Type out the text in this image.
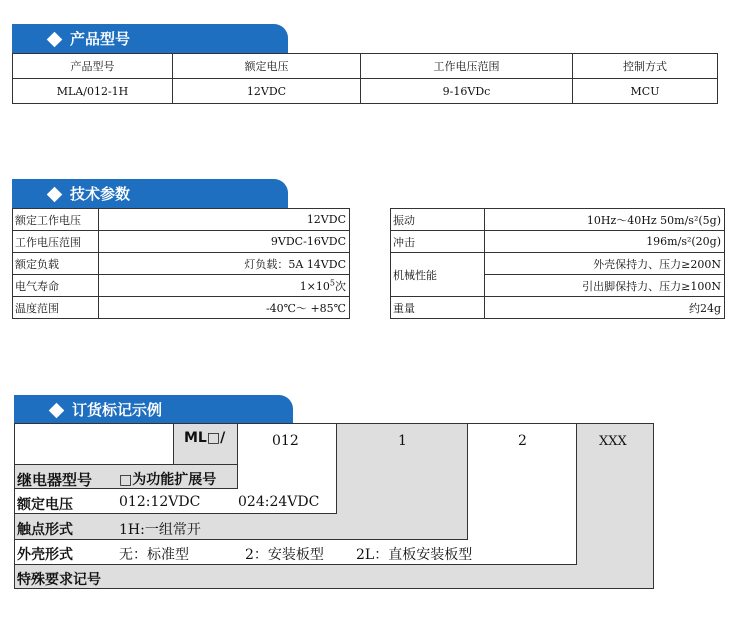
产品型号
产品型号	额定电压	工作电压范围	控制方式
MLA/012-1H	12VDC	9-16VDc	MCU
技术参数
额定工作电压	12VDC
工作电压范围	9VDC-16VDC
额定负载	灯负载：5A 14VDC
电气寿命	$1\times 10^5$次
温度范围	-40℃～ +85℃
振动	10Hz～40Hz 50m/s²(5g)
冲击	196m/s²(20g)
机械性能	外壳保持力、压力≥200N
	引出脚保持力、压力≥100N
重量	约24g
订货标记示例
ML□/	012	1	2	XXX
继电器型号 □为功能扩展号
额定电压	012:12VDC	024:24VDC
触点形式	1H:一组常开
外壳形式	无：标准型	2：安装板型 2L：直板安装板型
特殊要求记号
